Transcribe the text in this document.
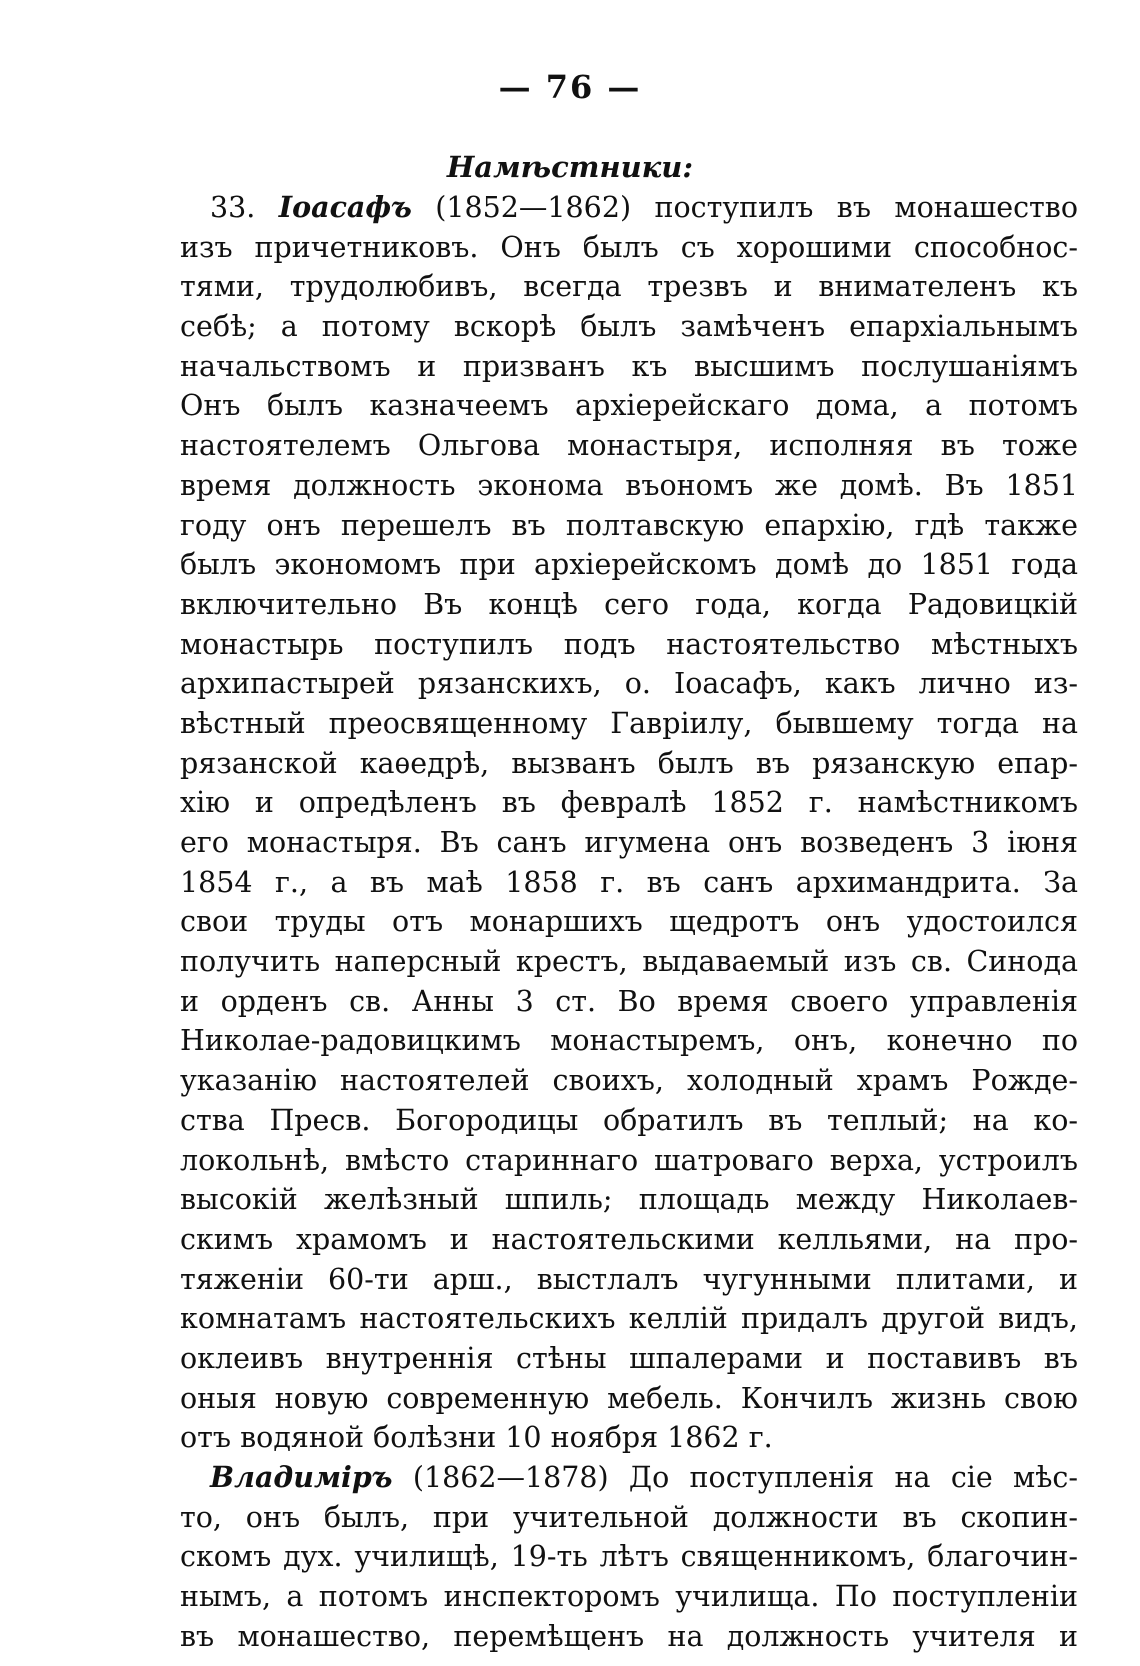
— 76 —
Намѣстники:
33. Іоасафъ (1852—1862) поступилъ въ монашество
изъ причетниковъ. Онъ былъ съ хорошими способнос-
тями, трудолюбивъ, всегда трезвъ и внимателенъ къ
себѣ; а потому вскорѣ былъ замѣченъ епархіальнымъ
начальствомъ и призванъ къ высшимъ послушаніямъ
Онъ былъ казначеемъ архіерейскаго дома, а потомъ
настоятелемъ Ольгова монастыря, исполняя въ тоже
время должность эконома въономъ же домѣ. Въ 1851
году онъ перешелъ въ полтавскую епархію, гдѣ также
былъ экономомъ при архіерейскомъ домѣ до 1851 года
включительно Въ концѣ сего года, когда Радовицкій
монастырь поступилъ подъ настоятельство мѣстныхъ
архипастырей рязанскихъ, о. Іоасафъ, какъ лично из-
вѣстный преосвященному Гавріилу, бывшему тогда на
рязанской каѳедрѣ, вызванъ былъ въ рязанскую епар-
хію и опредѣленъ въ февралѣ 1852 г. намѣстникомъ
его монастыря. Въ санъ игумена онъ возведенъ 3 іюня
1854 г., а въ маѣ 1858 г. въ санъ архимандрита. За
свои труды отъ монаршихъ щедротъ онъ удостоился
получить наперсный крестъ, выдаваемый изъ св. Синода
и орденъ св. Анны 3 ст. Во время своего управленія
Николае-радовицкимъ монастыремъ, онъ, конечно по
указанію настоятелей своихъ, холодный храмъ Рожде-
ства Пресв. Богородицы обратилъ въ теплый; на ко-
локольнѣ, вмѣсто стариннаго шатроваго верха, устроилъ
высокій желѣзный шпиль; площадь между Николаев-
скимъ храмомъ и настоятельскими келльями, на про-
тяженіи 60-ти арш., выстлалъ чугунными плитами, и
комнатамъ настоятельскихъ келлій придалъ другой видъ,
оклеивъ внутреннія стѣны шпалерами и поставивъ въ
оныя новую современную мебель. Кончилъ жизнь свою
отъ водяной болѣзни 10 ноября 1862 г.
Владиміръ (1862—1878) До поступленія на сіе мѣс-
то, онъ былъ, при учительной должности въ скопин-
скомъ дух. училищѣ, 19-ть лѣтъ священникомъ, благочин-
нымъ, а потомъ инспекторомъ училища. По поступленіи
въ монашество, перемѣщенъ на должность учителя и
